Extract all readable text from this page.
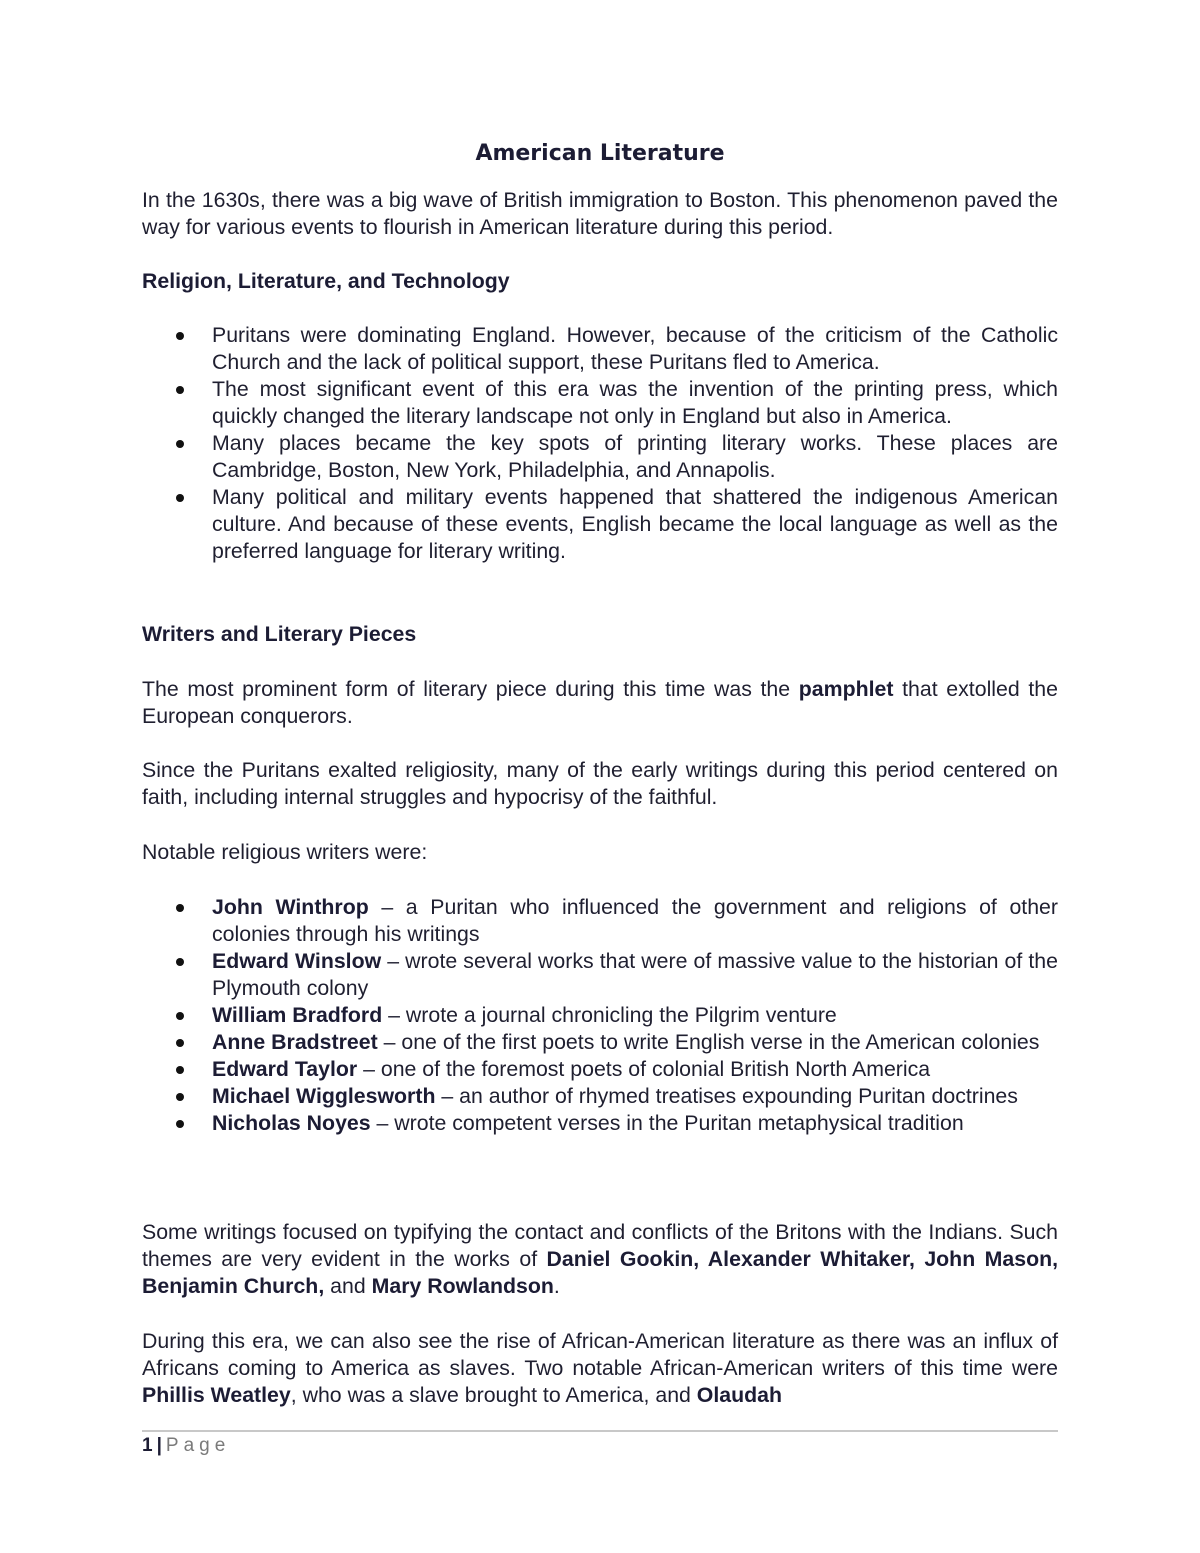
American Literature

In the 1630s, there was a big wave of British immigration to Boston. This phenomenon paved the way for various events to flourish in American literature during this period.

Religion, Literature, and Technology

Puritans were dominating England. However, because of the criticism of the Catholic Church and the lack of political support, these Puritans fled to America.
The most significant event of this era was the invention of the printing press, which quickly changed the literary landscape not only in England but also in America.
Many places became the key spots of printing literary works. These places are Cambridge, Boston, New York, Philadelphia, and Annapolis.
Many political and military events happened that shattered the indigenous American culture. And because of these events, English became the local language as well as the preferred language for literary writing.

Writers and Literary Pieces

The most prominent form of literary piece during this time was the pamphlet that extolled the European conquerors.

Since the Puritans exalted religiosity, many of the early writings during this period centered on faith, including internal struggles and hypocrisy of the faithful.

Notable religious writers were:

John Winthrop – a Puritan who influenced the government and religions of other colonies through his writings
Edward Winslow – wrote several works that were of massive value to the historian of the Plymouth colony
William Bradford – wrote a journal chronicling the Pilgrim venture
Anne Bradstreet – one of the first poets to write English verse in the American colonies
Edward Taylor – one of the foremost poets of colonial British North America
Michael Wigglesworth – an author of rhymed treatises expounding Puritan doctrines
Nicholas Noyes – wrote competent verses in the Puritan metaphysical tradition

Some writings focused on typifying the contact and conflicts of the Britons with the Indians. Such themes are very evident in the works of Daniel Gookin, Alexander Whitaker, John Mason, Benjamin Church, and Mary Rowlandson.

During this era, we can also see the rise of African-American literature as there was an influx of Africans coming to America as slaves. Two notable African-American writers of this time were Phillis Weatley, who was a slave brought to America, and Olaudah

1 | Page
